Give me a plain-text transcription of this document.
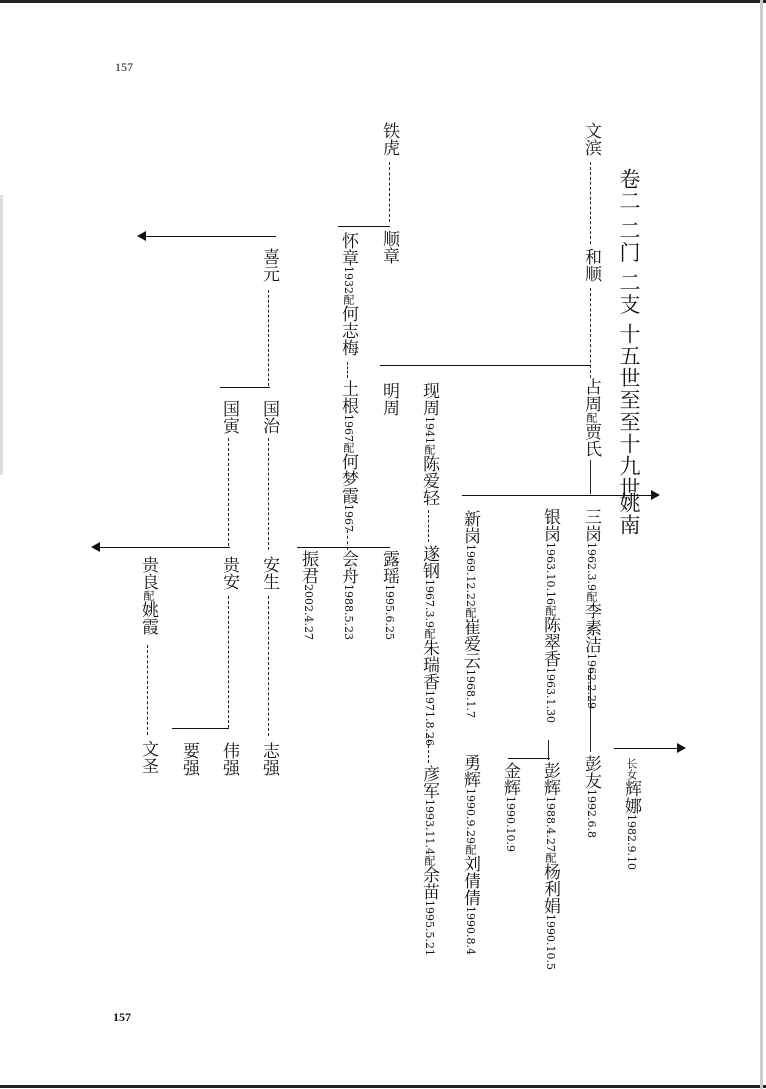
157
157
卷二 二门 二支 十五世至至十九世
姚南
文滨
和顺
占周配贾氏
铁虎
顺章
怀章1932配何志梅
土根1967配何梦霞1967
会舟1988.5.23
露瑶1995.6.25
振君2002.4.27
明周 现周1941配陈爱轻
遂钢1967.3.9配朱瑞香1971.8.26
彦军1993.11.4配余苗1995.5.21
喜元
国治
国寅
安生
贵安
志强
伟强
要强
贵良配姚霞
文圣
三岗1962.3.9配李素洁1962.2.29
彭友1992.6.8
长女辉娜1982.9.10
银岗1963.10.16配陈翠香1963.1.30
彭辉1988.4.27配杨利娟1990.10.5
金辉1990.10.9
新岗1969.12.22配崔爱云1968.1.7
勇辉1990.9.29配刘倩倩1990.8.4
